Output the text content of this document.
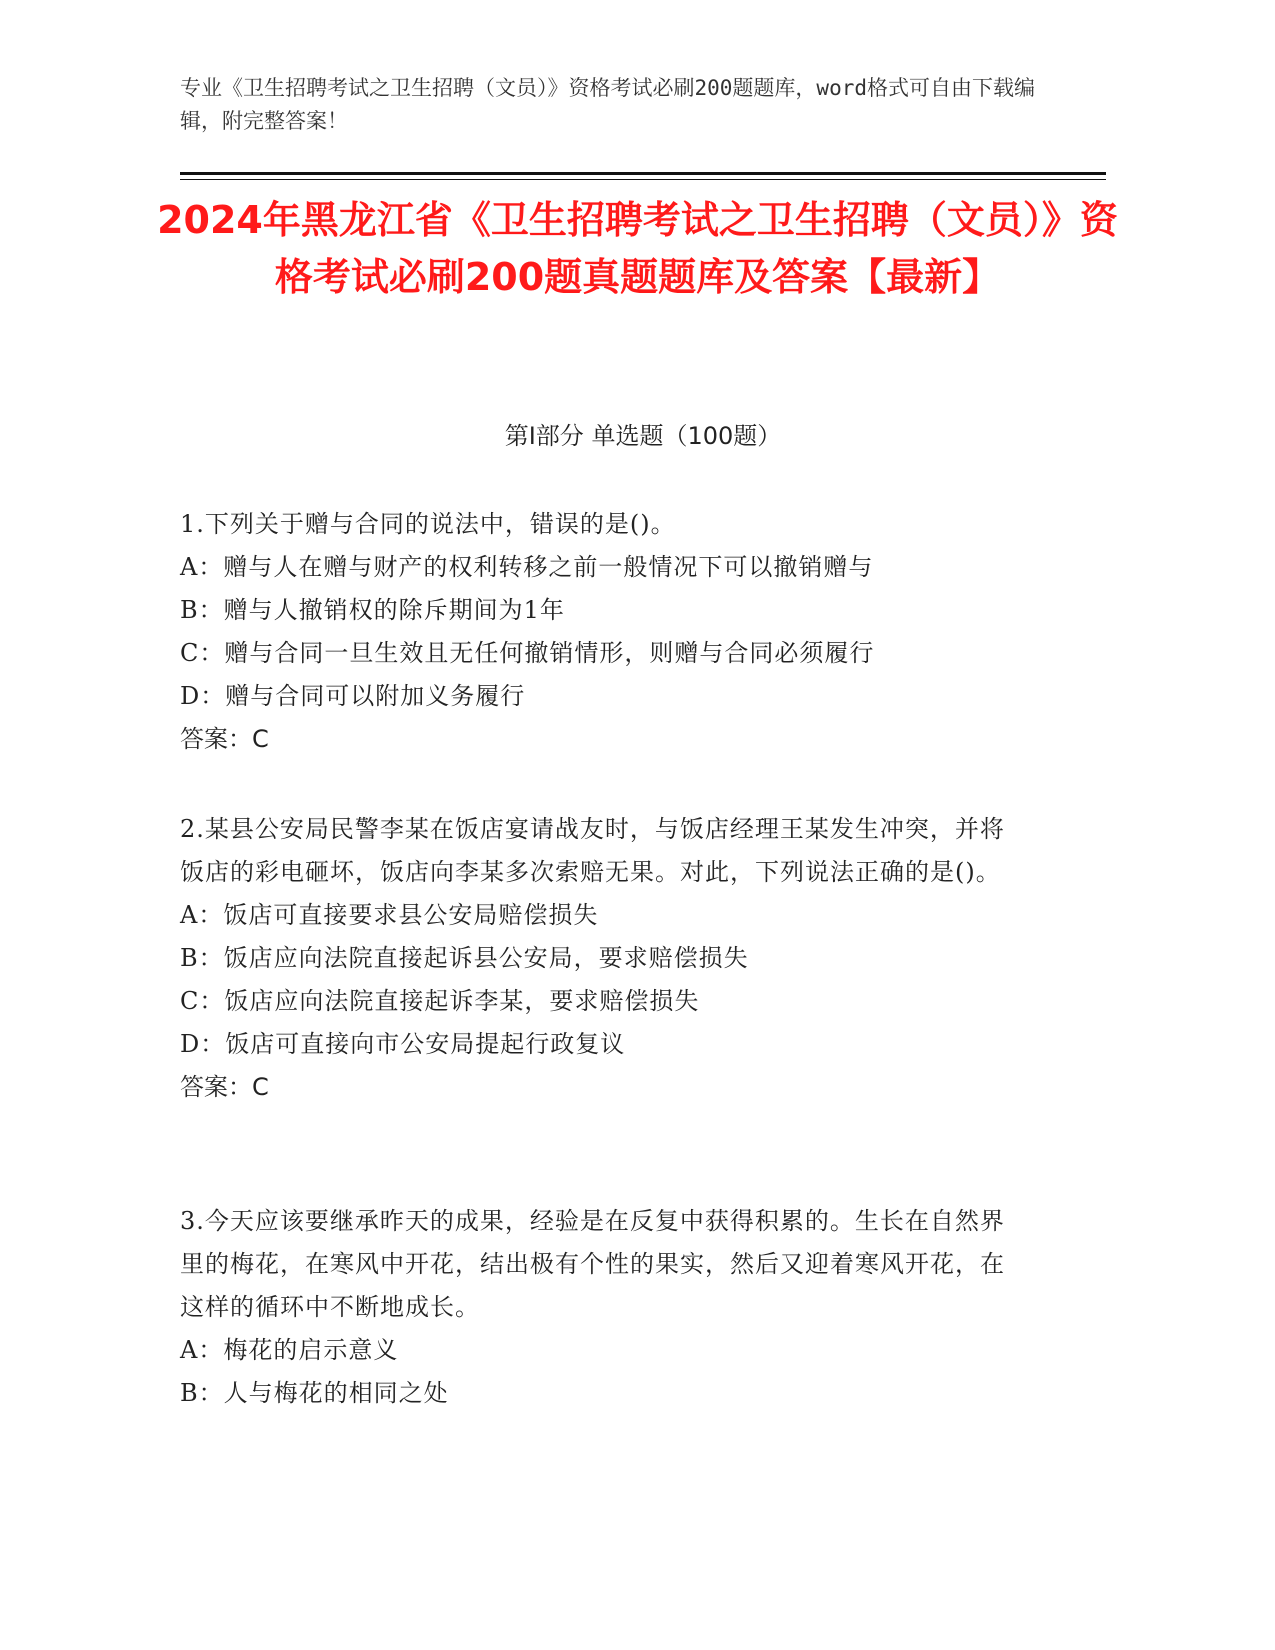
专业《卫生招聘考试之卫生招聘（文员）》资格考试必刷200题题库，word格式可自由下载编辑，附完整答案！
2024年黑龙江省《卫生招聘考试之卫生招聘（文员）》资格考试必刷200题真题题库及答案【最新】
第I部分 单选题（100题）
1.下列关于赠与合同的说法中，错误的是()。
A：赠与人在赠与财产的权利转移之前一般情况下可以撤销赠与
B：赠与人撤销权的除斥期间为1年
C：赠与合同一旦生效且无任何撤销情形，则赠与合同必须履行
D：赠与合同可以附加义务履行
答案：C
2.某县公安局民警李某在饭店宴请战友时，与饭店经理王某发生冲突，并将饭店的彩电砸坏，饭店向李某多次索赔无果。对此，下列说法正确的是()。
A：饭店可直接要求县公安局赔偿损失
B：饭店应向法院直接起诉县公安局，要求赔偿损失
C：饭店应向法院直接起诉李某，要求赔偿损失
D：饭店可直接向市公安局提起行政复议
答案：C
3.今天应该要继承昨天的成果，经验是在反复中获得积累的。生长在自然界里的梅花，在寒风中开花，结出极有个性的果实，然后又迎着寒风开花，在这样的循环中不断地成长。
A：梅花的启示意义
B：人与梅花的相同之处
